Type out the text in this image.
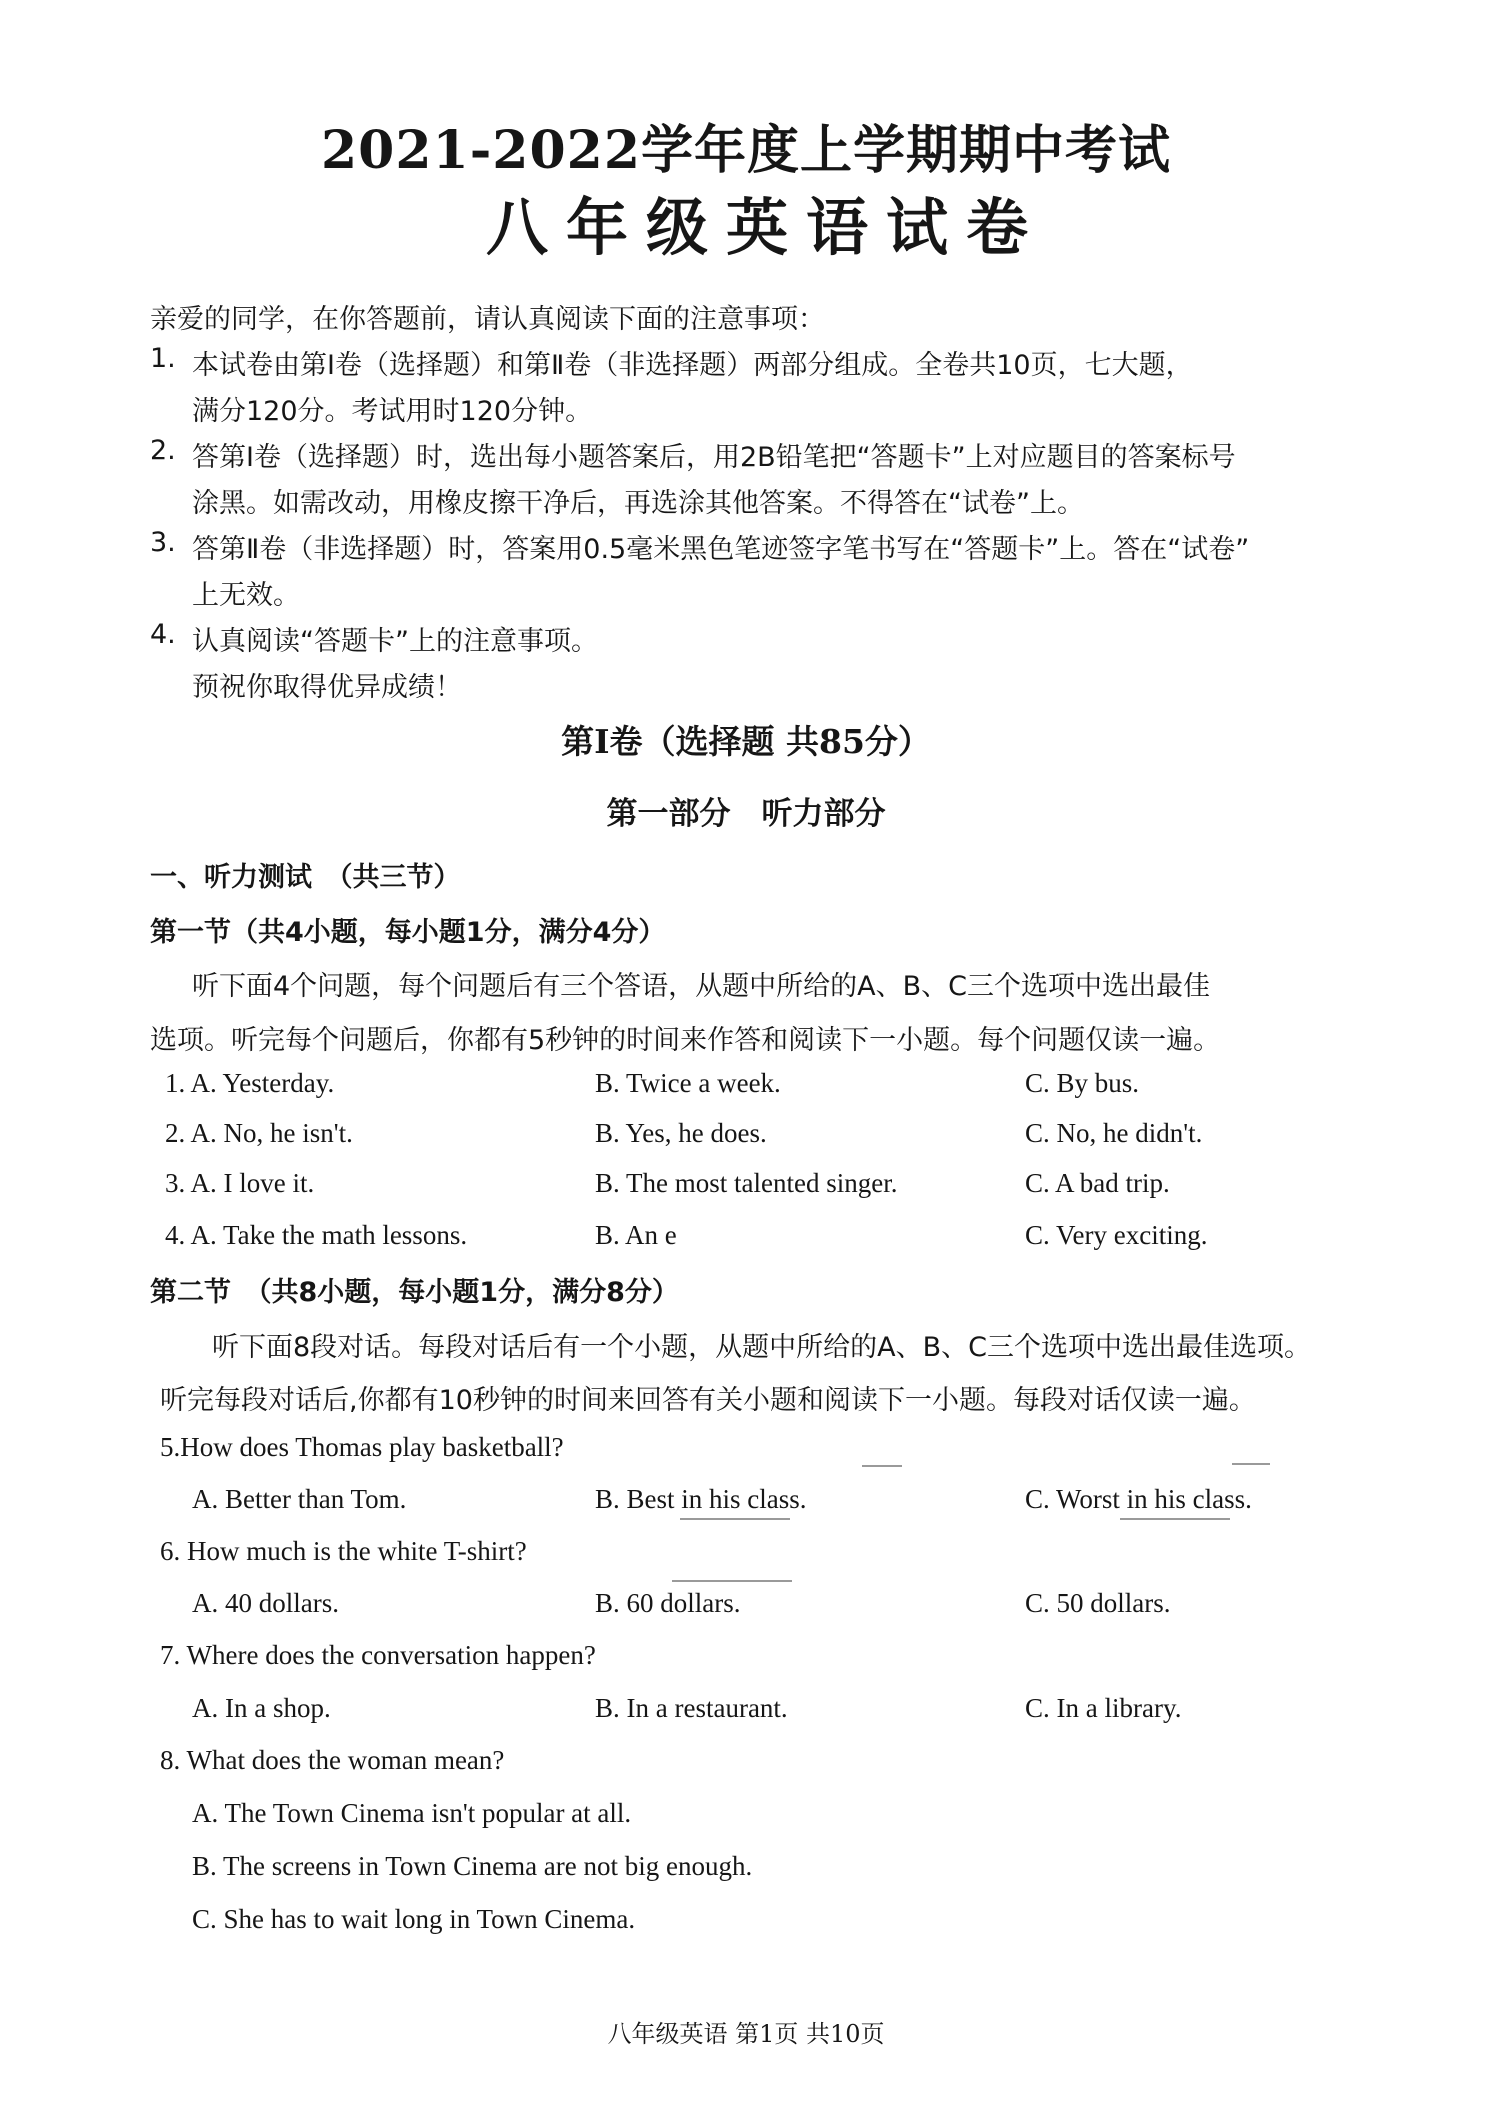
2021-2022学年度上学期期中考试
八年级英语试卷
亲爱的同学，在你答题前，请认真阅读下面的注意事项：
1. 本试卷由第Ⅰ卷（选择题）和第Ⅱ卷（非选择题）两部分组成。全卷共10页，七大题，
满分120分。考试用时120分钟。
2. 答第Ⅰ卷（选择题）时，选出每小题答案后，用2B铅笔把“答题卡”上对应题目的答案标号
涂黑。如需改动，用橡皮擦干净后，再选涂其他答案。不得答在“试卷”上。
3. 答第Ⅱ卷（非选择题）时，答案用0.5毫米黑色笔迹签字笔书写在“答题卡”上。答在“试卷”
上无效。
4. 认真阅读“答题卡”上的注意事项。
预祝你取得优异成绩！
第Ⅰ卷（选择题 共85分）
第一部分　听力部分
一、听力测试　（共三节）
第一节（共4小题，每小题1分，满分4分）
听下面4个问题，每个问题后有三个答语，从题中所给的A、B、C三个选项中选出最佳
选项。听完每个问题后，你都有5秒钟的时间来作答和阅读下一小题。每个问题仅读一遍。
1. A. Yesterday.	B. Twice a week.	C. By bus.
2. A. No, he isn't.	B. Yes, he does.	C. No, he didn't.
3. A. I love it.	B. The most talented singer.	C. A bad trip.
4. A. Take the math lessons.	B. An e	C. Very exciting.
第二节　（共8小题，每小题1分，满分8分）
听下面8段对话。每段对话后有一个小题，从题中所给的A、B、C三个选项中选出最佳选项。
听完每段对话后,你都有10秒钟的时间来回答有关小题和阅读下一小题。每段对话仅读一遍。
5.How does Thomas play basketball?
A. Better than Tom.	B. Best in his class.	C. Worst in his class.
6. How much is the white T-shirt?
A. 40 dollars.	B. 60 dollars.	C. 50 dollars.
7. Where does the conversation happen?
A. In a shop.	B. In a restaurant.	C. In a library.
8. What does the woman mean?
A. The Town Cinema isn't popular at all.
B. The screens in Town Cinema are not big enough.
C. She has to wait long in Town Cinema.
八年级英语 第1页 共10页
